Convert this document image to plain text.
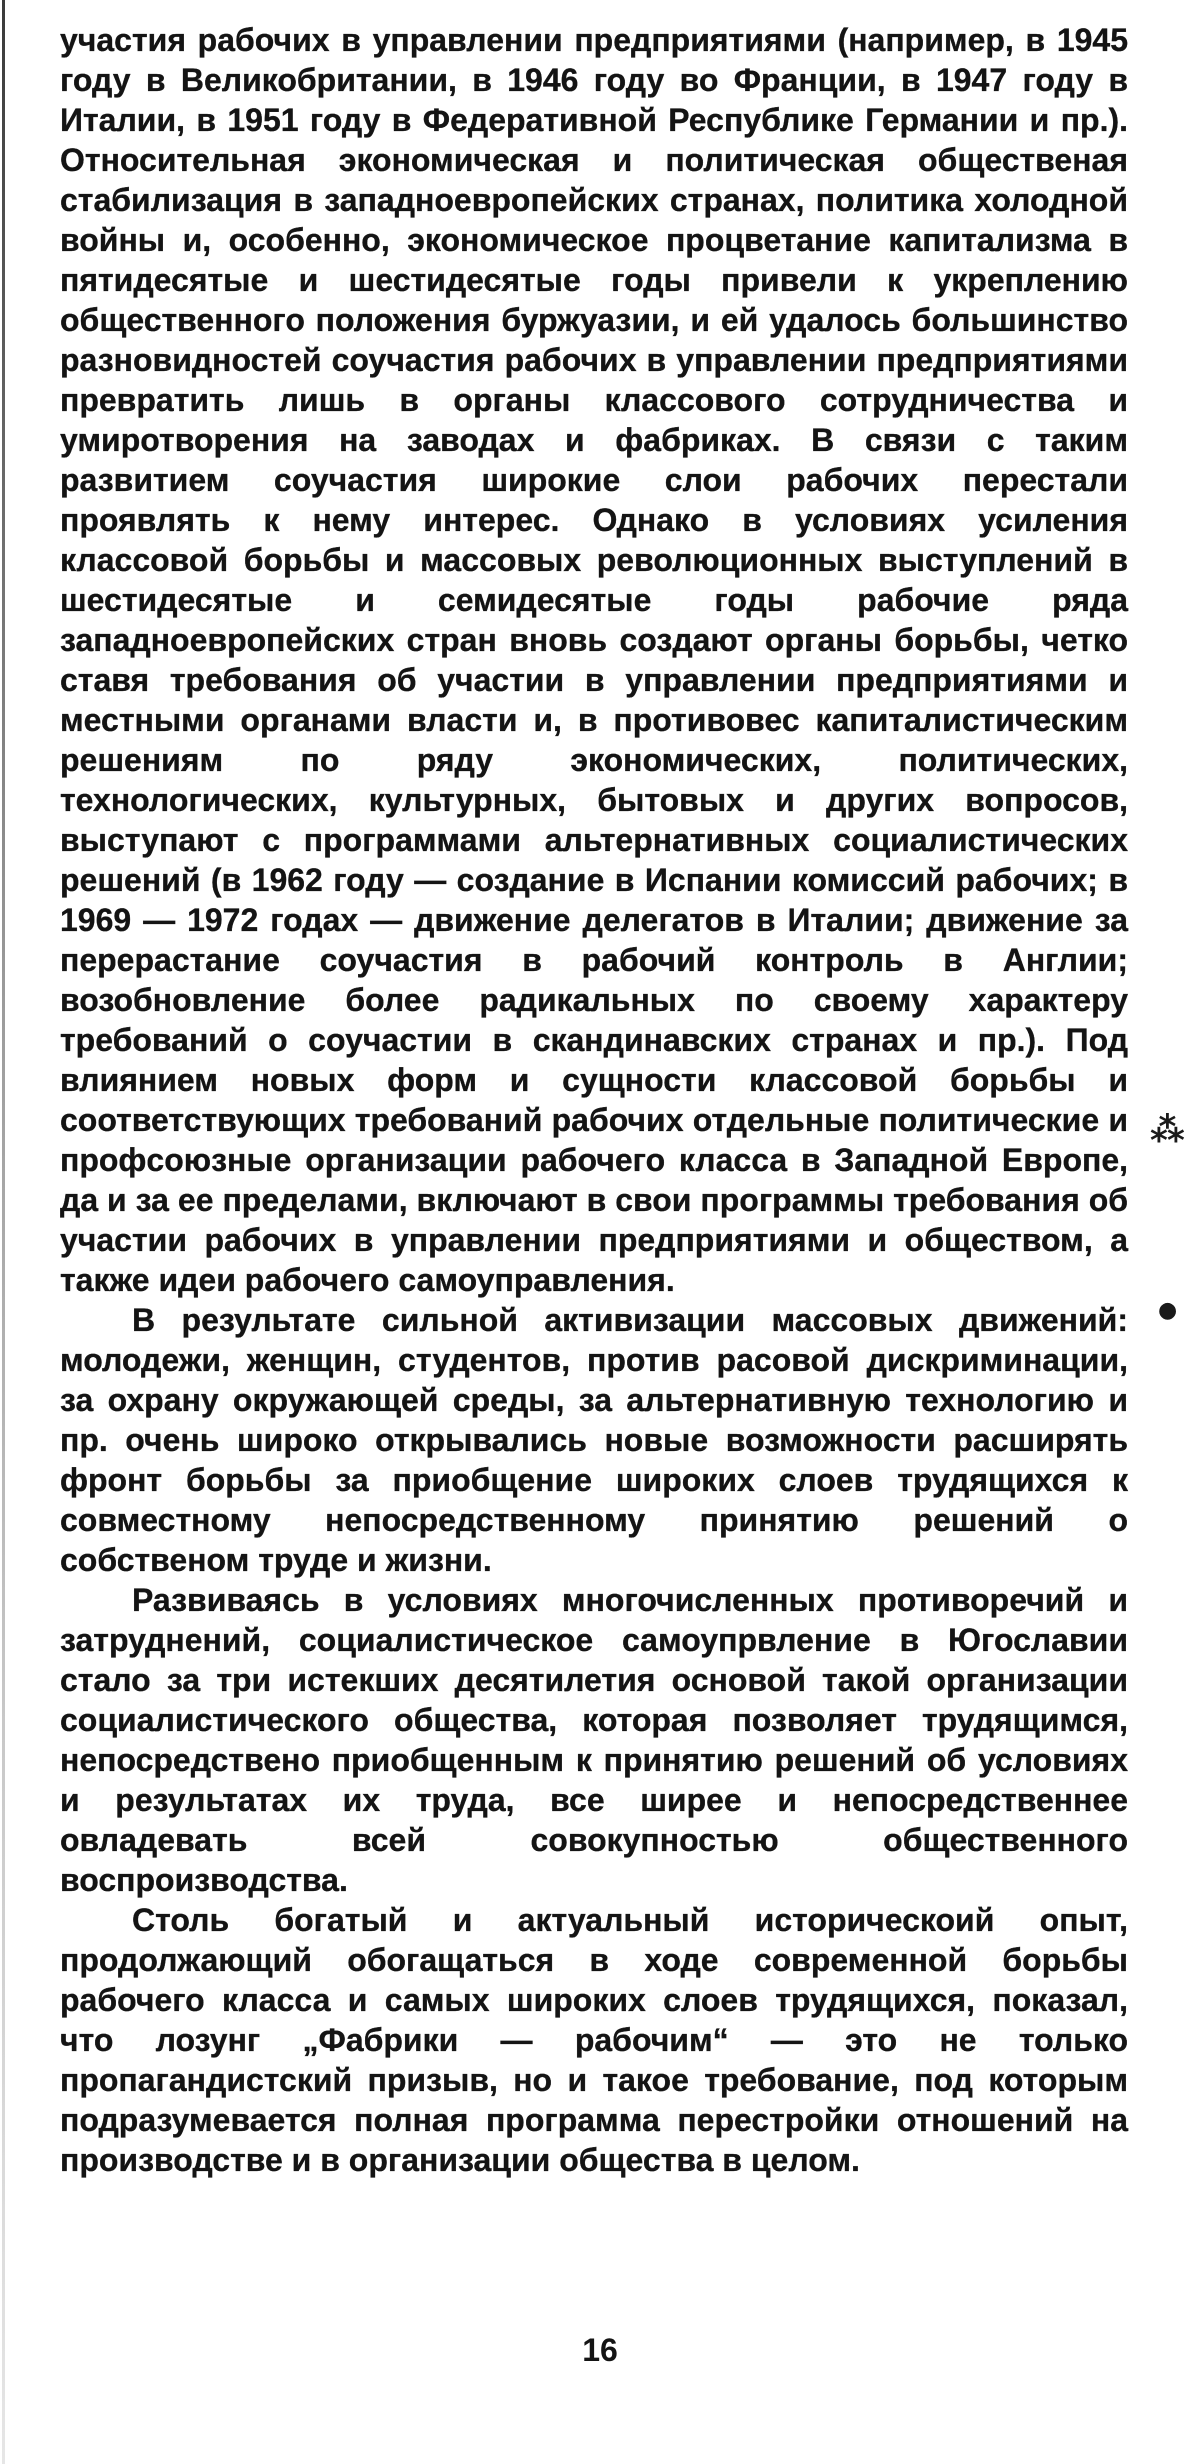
участия рабочих в управлении предприятиями (например, в 1945 году в Великобритании, в 1946 году во Франции, в 1947 году в Италии, в 1951 году в Федеративной Республике Германии и пр.). Относительная экономическая и политическая общественая стабилизация в западноевропейских странах, политика холодной войны и, особенно, экономическое процветание капитализма в пятидесятые и шестидесятые годы привели к укреплению общественного положения буржуазии, и ей удалось большинство разновидностей соучастия рабочих в управлении предприятиями превратить лишь в органы классового сотрудничества и умиротворения на заводах и фабриках. В связи с таким развитием соучастия широкие слои рабочих перестали проявлять к нему интерес. Однако в условиях усиления классовой борьбы и массовых революционных выступлений в шестидесятые и семидесятые годы рабочие ряда западноевропейских стран вновь создают органы борьбы, четко ставя требования об участии в управлении предприятиями и местными органами власти и, в противовес капиталистическим решениям по ряду экономических, политических, технологических, культурных, бытовых и других вопросов, выступают с программами альтернативных социалистических решений (в 1962 году — создание в Испании комиссий рабочих; в 1969 — 1972 годах — движение делегатов в Италии; движение за перерастание соучастия в рабочий контроль в Англии; возобновление более радикальных по своему характеру требований о соучастии в скандинавских странах и пр.). Под влиянием новых форм и сущности классовой борьбы и соответствующих требований рабочих отдельные политические и профсоюзные организации рабочего класса в Западной Европе, да и за ее пределами, включают в свои программы требования об участии рабочих в управлении предприятиями и обществом, а также идеи рабочего самоуправления.

В результате сильной активизации массовых движений: молодежи, женщин, студентов, против расовой дискриминации, за охрану окружающей среды, за альтернативную технологию и пр. очень широко открывались новые возможности расширять фронт борьбы за приобщение широких слоев трудящихся к совместному непосредственному принятию решений о собственом труде и жизни.

Развиваясь в условиях многочисленных противоречий и затруднений, социалистическое самоупрвление в Югославии стало за три истекших десятилетия основой такой организации социалистического общества, которая позволяет трудящимся, непосредствено приобщенным к принятию решений об условиях и результатах их труда, все ширее и непосредственнее овладевать всей совокупностью общественного воспроизводства.

Столь богатый и актуальный историческоий опыт, продолжающий обогащаться в ходе современной борьбы рабочего класса и самых широких слоев трудящихся, показал, что лозунг „Фабрики — рабочим“ — это не только пропагандистский призыв, но и такое требование, под которым подразумевается полная программа перестройки отношений на производстве и в организации общества в целом.

⁂
●
16
